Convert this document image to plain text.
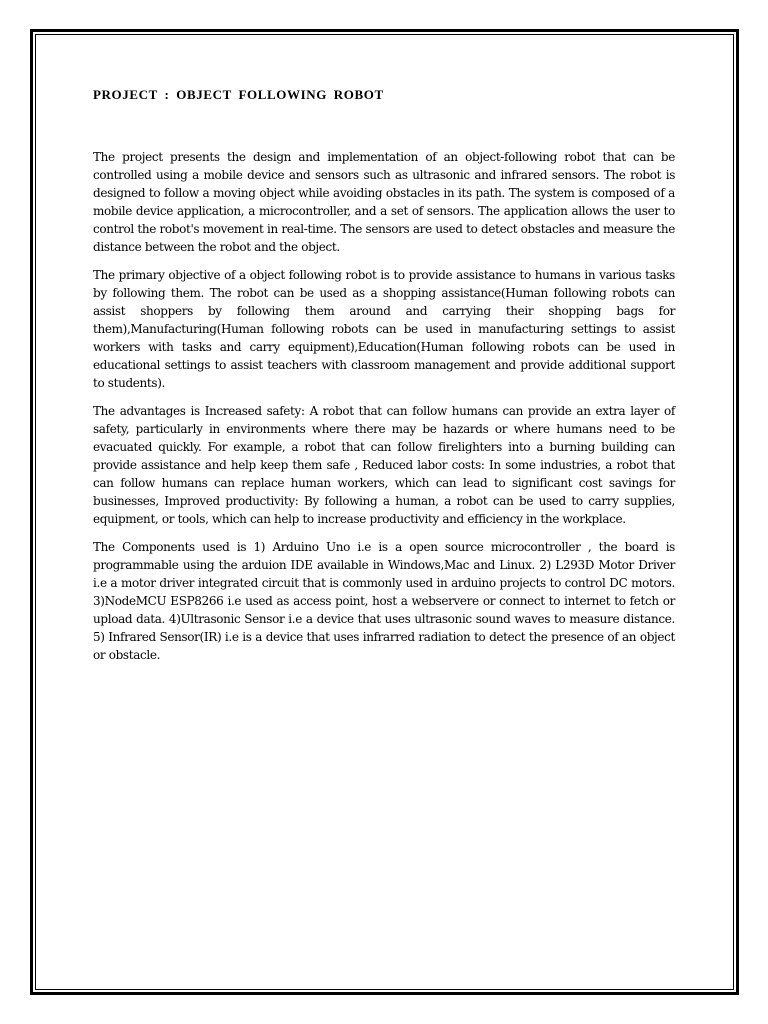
PROJECT : OBJECT FOLLOWING ROBOT

The project presents the design and implementation of an object-following robot that can be controlled using a mobile device and sensors such as ultrasonic and infrared sensors. The robot is designed to follow a moving object while avoiding obstacles in its path. The system is composed of a mobile device application, a microcontroller, and a set of sensors. The application allows the user to control the robot's movement in real-time. The sensors are used to detect obstacles and measure the distance between the robot and the object.

The primary objective of a object following robot is to provide assistance to humans in various tasks by following them. The robot can be used as a shopping assistance(Human following robots can assist shoppers by following them around and carrying their shopping bags for them),Manufacturing(Human following robots can be used in manufacturing settings to assist workers with tasks and carry equipment),Education(Human following robots can be used in educational settings to assist teachers with classroom management and provide additional support to students).

The advantages is Increased safety: A robot that can follow humans can provide an extra layer of safety, particularly in environments where there may be hazards or where humans need to be evacuated quickly. For example, a robot that can follow firelighters into a burning building can provide assistance and help keep them safe , Reduced labor costs: In some industries, a robot that can follow humans can replace human workers, which can lead to significant cost savings for businesses, Improved productivity: By following a human, a robot can be used to carry supplies, equipment, or tools, which can help to increase productivity and efficiency in the workplace.

The Components used is 1) Arduino Uno i.e is a open source microcontroller , the board is programmable using the arduion IDE available in Windows,Mac and Linux. 2) L293D Motor Driver i.e a motor driver integrated circuit that is commonly used in arduino projects to control DC motors. 3)NodeMCU ESP8266 i.e used as access point, host a webservere or connect to internet to fetch or upload data. 4)Ultrasonic Sensor i.e a device that uses ultrasonic sound waves to measure distance. 5) Infrared Sensor(IR) i.e is a device that uses infrarred radiation to detect the presence of an object or obstacle.
